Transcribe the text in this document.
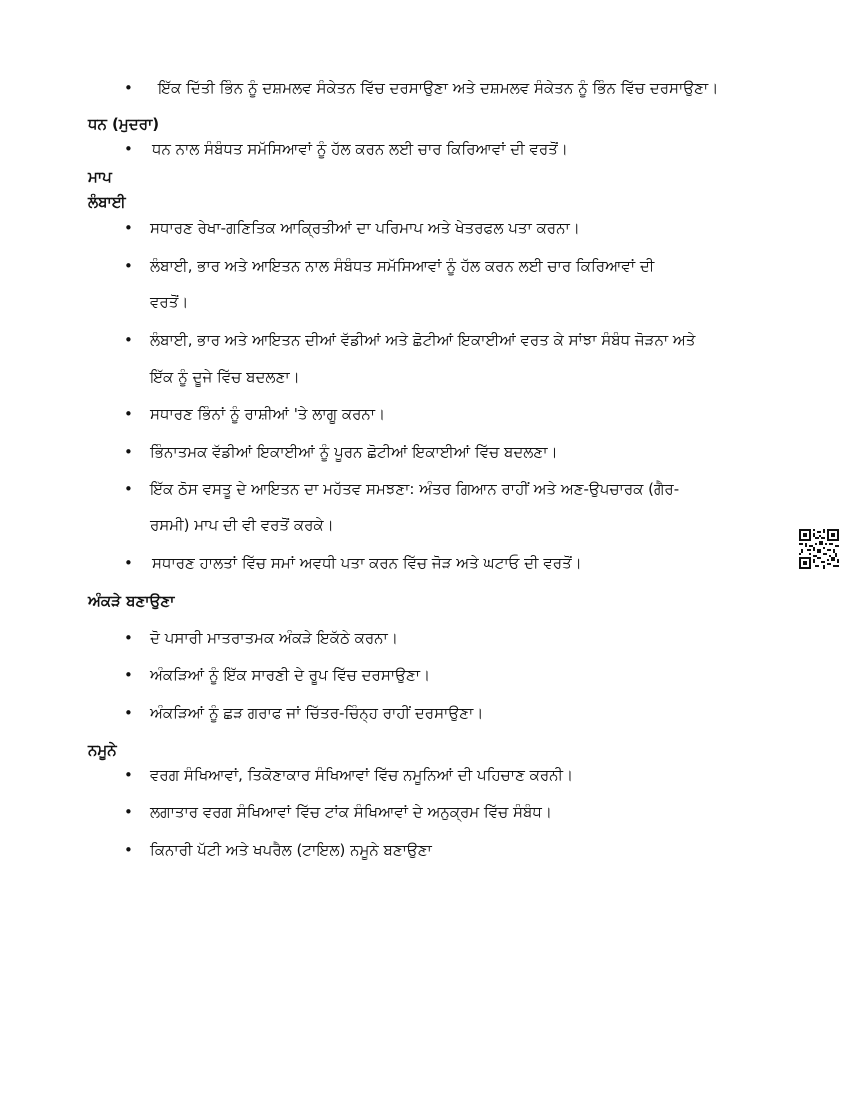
•	ਇੱਕ ਦਿੱਤੀ ਭਿੰਨ ਨੂੰ ਦਸ਼ਮਲਵ ਸੰਕੇਤਨ ਵਿੱਚ ਦਰਸਾਉਣਾ ਅਤੇ ਦਸ਼ਮਲਵ ਸੰਕੇਤਨ ਨੂੰ ਭਿੰਨ ਵਿੱਚ ਦਰਸਾਉਣਾ।
ਧਨ (ਮੁਦਰਾ)
•	ਧਨ ਨਾਲ ਸੰਬੰਧਤ ਸਮੱਸਿਆਵਾਂ ਨੂੰ ਹੱਲ ਕਰਨ ਲਈ ਚਾਰ ਕਿਰਿਆਵਾਂ ਦੀ ਵਰਤੋਂ।
ਮਾਪ
ਲੰਬਾਈ
•	ਸਧਾਰਣ ਰੇਖਾ-ਗਣਿਤਿਕ ਆਕ੍ਰਿਤੀਆਂ ਦਾ ਪਰਿਮਾਪ ਅਤੇ ਖੇਤਰਫਲ ਪਤਾ ਕਰਨਾ।
•	ਲੰਬਾਈ, ਭਾਰ ਅਤੇ ਆਇਤਨ ਨਾਲ ਸੰਬੰਧਤ ਸਮੱਸਿਆਵਾਂ ਨੂੰ ਹੱਲ ਕਰਨ ਲਈ ਚਾਰ ਕਿਰਿਆਵਾਂ ਦੀ
ਵਰਤੋਂ।
•	ਲੰਬਾਈ, ਭਾਰ ਅਤੇ ਆਇਤਨ ਦੀਆਂ ਵੱਡੀਆਂ ਅਤੇ ਛੋਟੀਆਂ ਇਕਾਈਆਂ ਵਰਤ ਕੇ ਸਾਂਝਾ ਸੰਬੰਧ ਜੋੜਨਾ ਅਤੇ
ਇੱਕ ਨੂੰ ਦੂਜੇ ਵਿੱਚ ਬਦਲਣਾ।
•	ਸਧਾਰਣ ਭਿੰਨਾਂ ਨੂੰ ਰਾਸ਼ੀਆਂ 'ਤੇ ਲਾਗੂ ਕਰਨਾ।
•	ਭਿੰਨਾਤਮਕ ਵੱਡੀਆਂ ਇਕਾਈਆਂ ਨੂੰ ਪੂਰਨ ਛੋਟੀਆਂ ਇਕਾਈਆਂ ਵਿੱਚ ਬਦਲਣਾ।
•	ਇੱਕ ਠੋਸ ਵਸਤੂ ਦੇ ਆਇਤਨ ਦਾ ਮਹੱਤਵ ਸਮਝਣਾ: ਅੰਤਰ ਗਿਆਨ ਰਾਹੀਂ ਅਤੇ ਅਣ-ਉਪਚਾਰਕ (ਗੈਰ-
ਰਸਮੀ) ਮਾਪ ਦੀ ਵੀ ਵਰਤੋਂ ਕਰਕੇ।
•	ਸਧਾਰਣ ਹਾਲਤਾਂ ਵਿੱਚ ਸਮਾਂ ਅਵਧੀ ਪਤਾ ਕਰਨ ਵਿੱਚ ਜੋੜ ਅਤੇ ਘਟਾਓ ਦੀ ਵਰਤੋਂ।
ਅੰਕੜੇ ਬਣਾਉਣਾ
•	ਦੋ ਪਸਾਰੀ ਮਾਤਰਾਤਮਕ ਅੰਕੜੇ ਇਕੱਠੇ ਕਰਨਾ।
•	ਅੰਕੜਿਆਂ ਨੂੰ ਇੱਕ ਸਾਰਣੀ ਦੇ ਰੂਪ ਵਿੱਚ ਦਰਸਾਉਣਾ।
•	ਅੰਕੜਿਆਂ ਨੂੰ ਛੜ ਗਰਾਫ ਜਾਂ ਚਿੱਤਰ-ਚਿੰਨ੍ਹ ਰਾਹੀਂ ਦਰਸਾਉਣਾ।
ਨਮੂਨੇ
•	ਵਰਗ ਸੰਖਿਆਵਾਂ, ਤਿਕੋਣਾਕਾਰ ਸੰਖਿਆਵਾਂ ਵਿੱਚ ਨਮੂਨਿਆਂ ਦੀ ਪਹਿਚਾਣ ਕਰਨੀ।
•	ਲਗਾਤਾਰ ਵਰਗ ਸੰਖਿਆਵਾਂ ਵਿੱਚ ਟਾਂਕ ਸੰਖਿਆਵਾਂ ਦੇ ਅਨੁਕ੍ਰਮ ਵਿੱਚ ਸੰਬੰਧ।
•	ਕਿਨਾਰੀ ਪੱਟੀ ਅਤੇ ਖਪਰੈਲ (ਟਾਇਲ) ਨਮੂਨੇ ਬਣਾਉਣਾ
